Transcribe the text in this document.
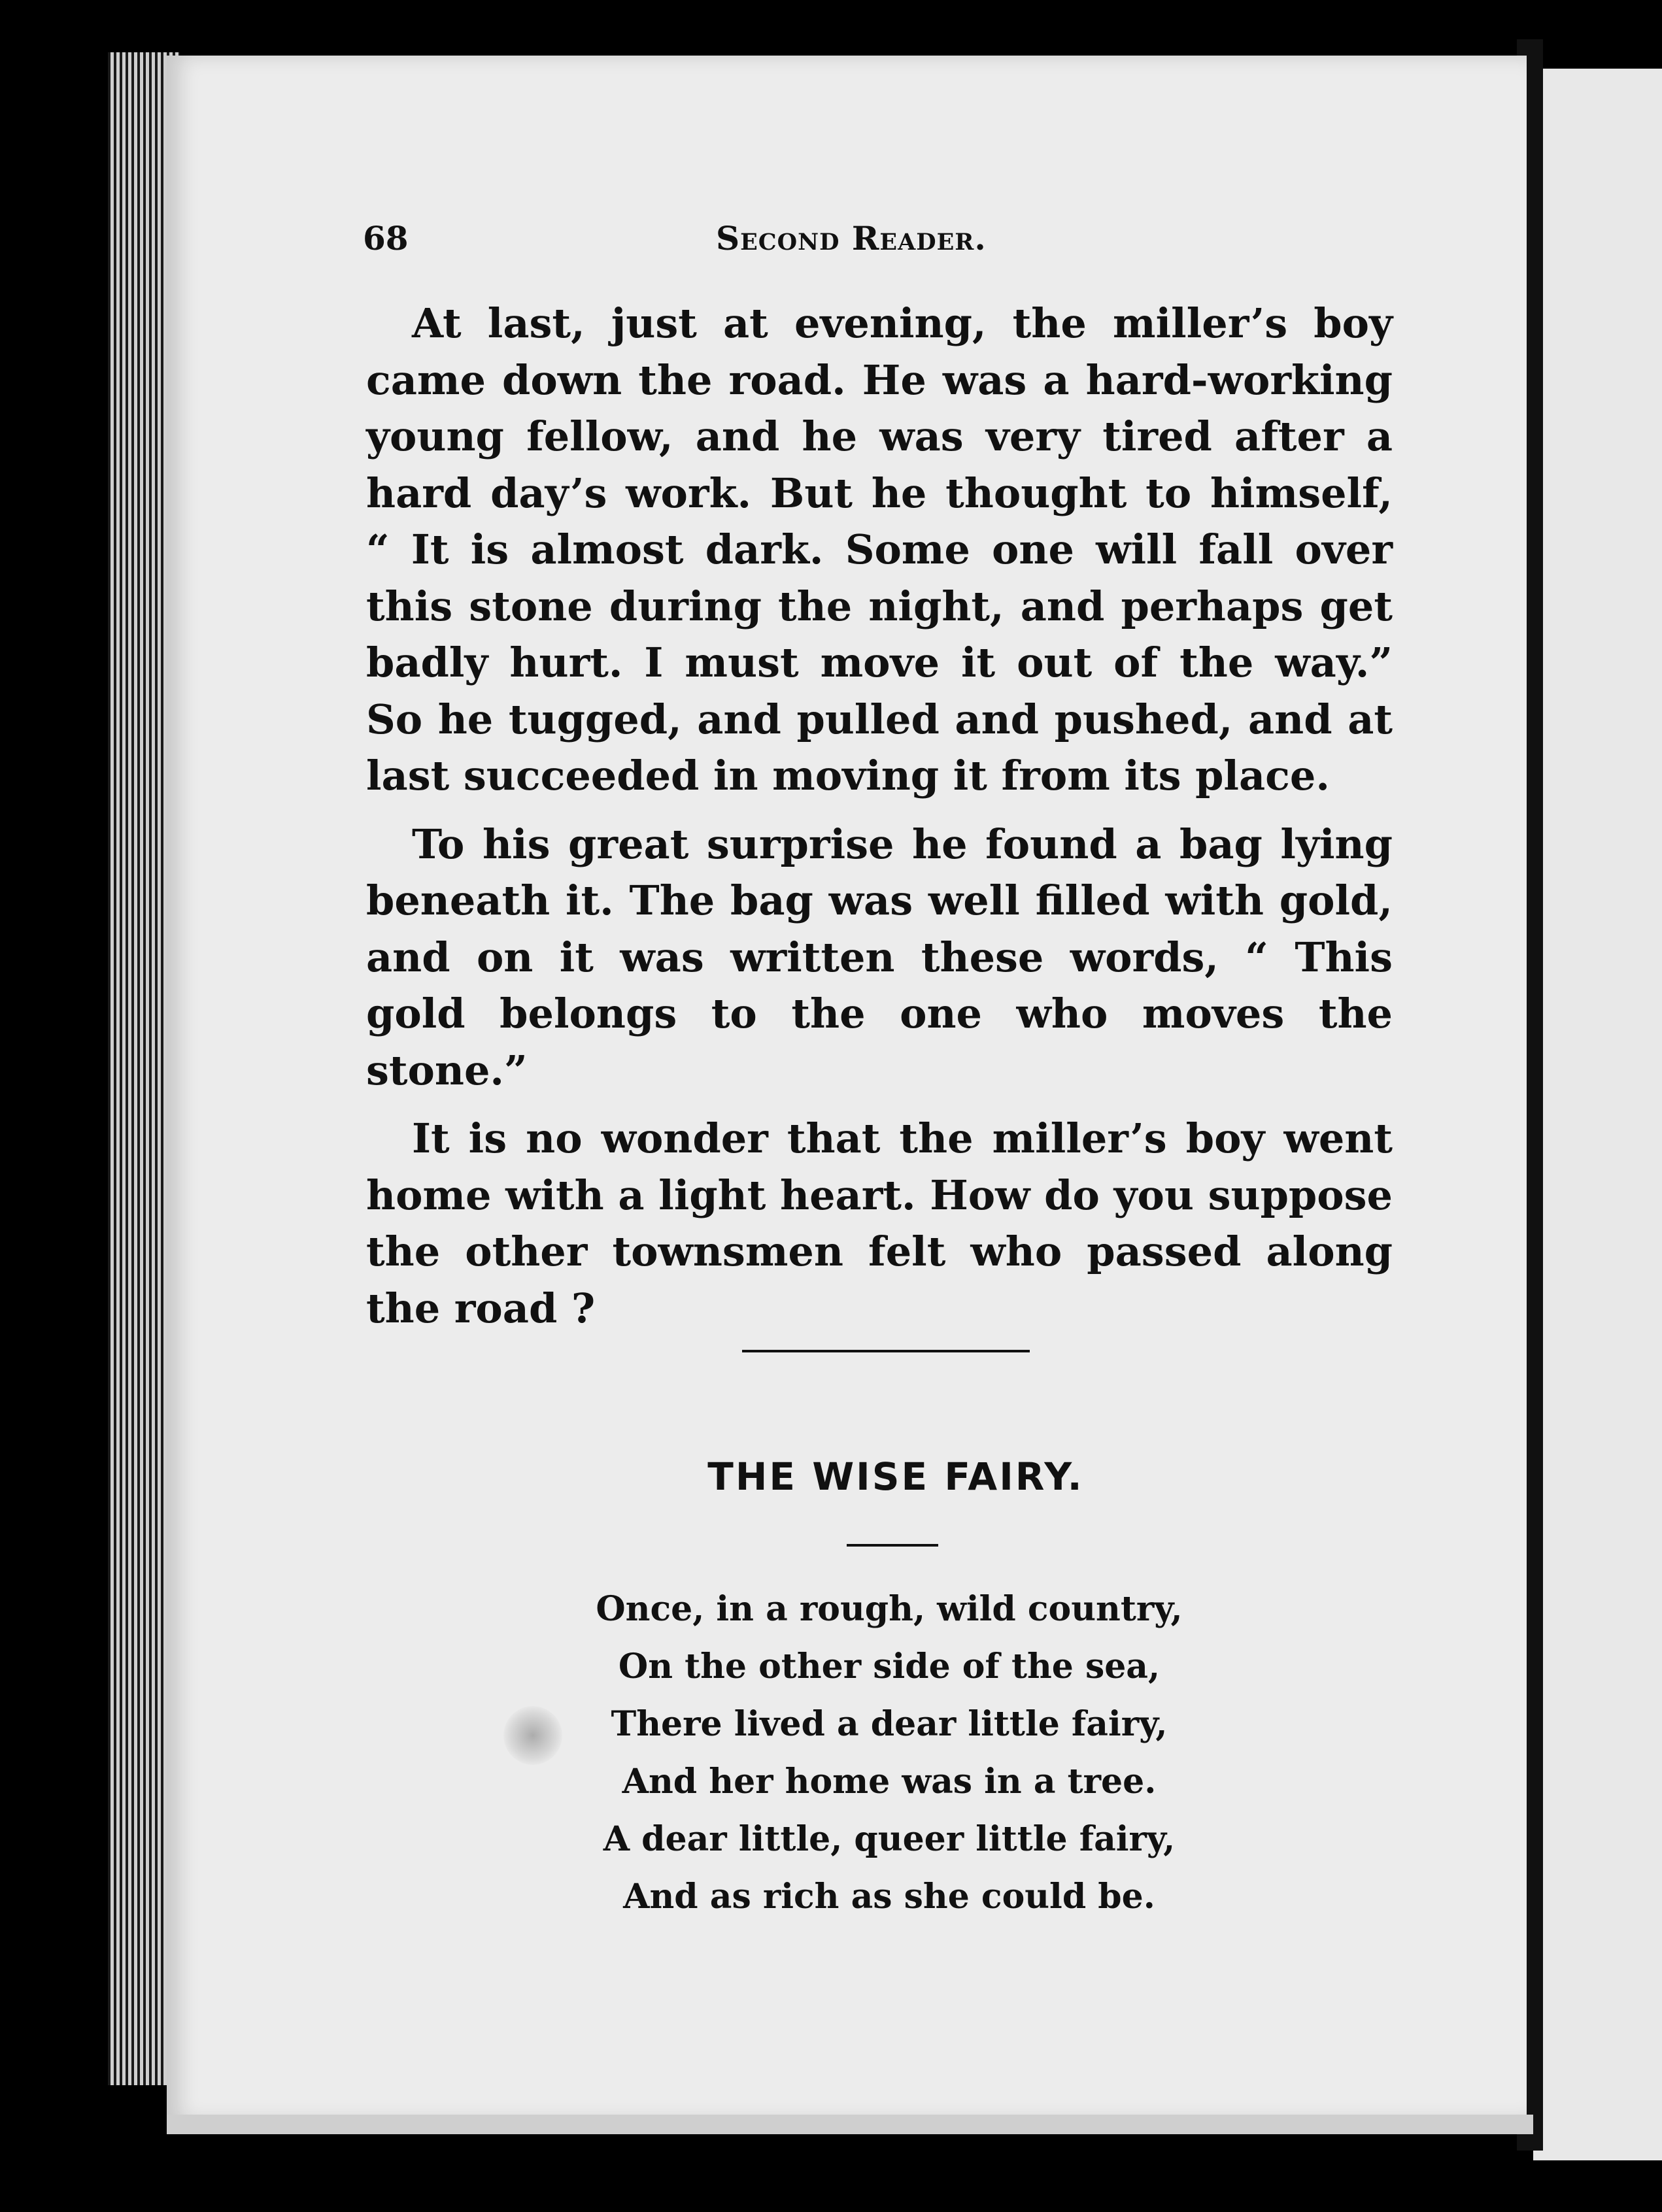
68	Second Reader.

At last, just at evening, the miller’s boy came down the road. He was a hard-working young fellow, and he was very tired after a hard day’s work. But he thought to himself, “ It is almost dark. Some one will fall over this stone during the night, and perhaps get badly hurt. I must move it out of the way.” So he tugged, and pulled and pushed, and at last succeeded in moving it from its place.

To his great surprise he found a bag lying beneath it. The bag was well filled with gold, and on it was written these words, “ This gold belongs to the one who moves the stone.”

It is no wonder that the miller’s boy went home with a light heart. How do you suppose the other townsmen felt who passed along the road ?

THE WISE FAIRY.
Once, in a rough, wild country,
On the other side of the sea,
There lived a dear little fairy,
And her home was in a tree.
A dear little, queer little fairy,
And as rich as she could be.
